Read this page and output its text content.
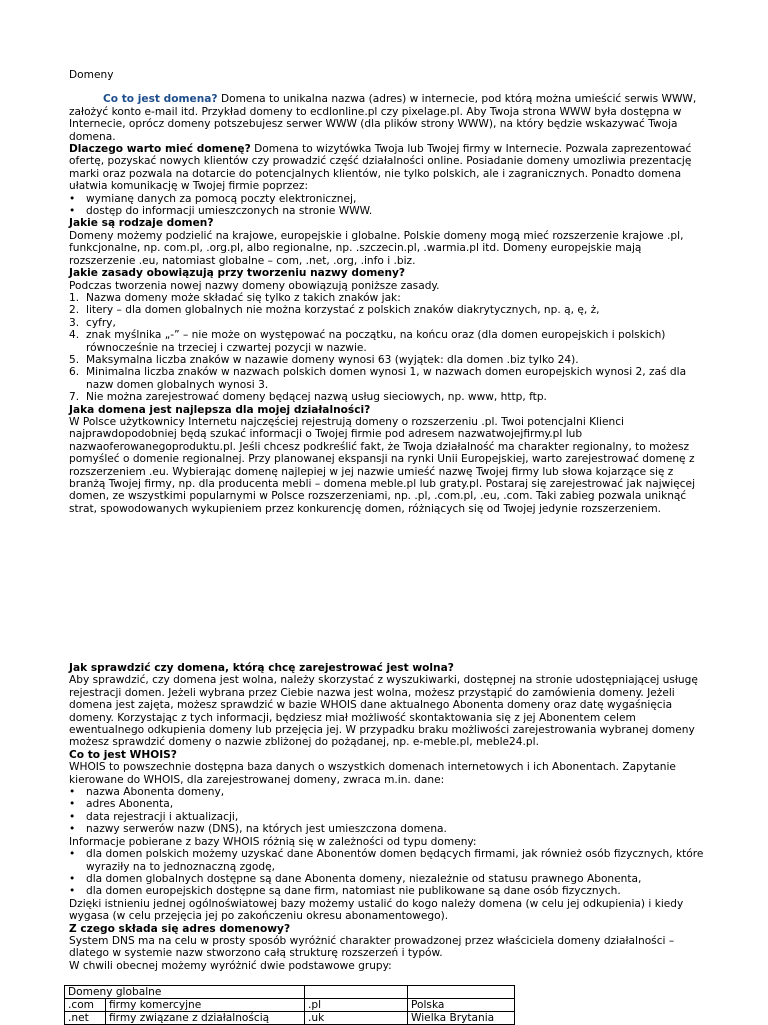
Domeny

Co to jest domena? Domena to unikalna nazwa (adres) w internecie, pod którą można umieścić serwis WWW, założyć konto e-mail itd. Przykład domeny to ecdlonline.pl czy pixelage.pl. Aby Twoja strona WWW była dostępna w Internecie, oprócz domeny potszebujesz serwer WWW (dla plików strony WWW), na który będzie wskazywać Twoja domena.

Dlaczego warto mieć domenę? Domena to wizytówka Twoja lub Twojej firmy w Internecie. Pozwala zaprezentować ofertę, pozyskać nowych klientów czy prowadzić część działalności online. Posiadanie domeny umozliwia prezentację marki oraz pozwala na dotarcie do potencjalnych klientów, nie tylko polskich, ale i zagranicznych. Ponadto domena ułatwia komunikację w Twojej firmie poprzez:

• wymianę danych za pomocą poczty elektronicznej,
• dostęp do informacji umieszczonych na stronie WWW.
Jakie są rodzaje domen?

Domeny możemy podzielić na krajowe, europejskie i globalne. Polskie domeny mogą mieć rozszerzenie krajowe .pl, funkcjonalne, np. com.pl, .org.pl, albo regionalne, np. .szczecin.pl, .warmia.pl itd. Domeny europejskie mają rozszerzenie .eu, natomiast globalne – com, .net, .org, .info i .biz.

Jakie zasady obowiązują przy tworzeniu nazwy domeny?

Podczas tworzenia nowej nazwy domeny obowiązują poniższe zasady.

1. Nazwa domeny może składać się tylko z takich znaków jak:
2. litery – dla domen globalnych nie można korzystać z polskich znaków diakrytycznych, np. ą, ę, ż,
3. cyfry,
4. znak myślnika „-” – nie może on występować na początku, na końcu oraz (dla domen europejskich i polskich) równocześnie na trzeciej i czwartej pozycji w nazwie.
5. Maksymalna liczba znaków w nazawie domeny wynosi 63 (wyjątek: dla domen .biz tylko 24).
6. Minimalna liczba znaków w nazwach polskich domen wynosi 1, w nazwach domen europejskich wynosi 2, zaś dla nazw domen globalnych wynosi 3.
7. Nie można zarejestrować domeny będącej nazwą usług sieciowych, np. www, http, ftp.
Jaka domena jest najlepsza dla mojej działalności?

W Polsce użytkownicy Internetu najczęściej rejestrują domeny o rozszerzeniu .pl. Twoi potencjalni Klienci najprawdopodobniej będą szukać informacji o Twojej firmie pod adresem nazwatwojejfirmy.pl lub nazwaoferowanegoproduktu.pl. Jeśli chcesz podkreślić fakt, że Twoja działalność ma charakter regionalny, to możesz pomyśleć o domenie regionalnej. Przy planowanej ekspansji na rynki Unii Europejskiej, warto zarejestrować domenę z rozszerzeniem .eu. Wybierając domenę najlepiej w jej nazwie umieść nazwę Twojej firmy lub słowa kojarzące się z branżą Twojej firmy, np. dla producenta mebli – domena meble.pl lub graty.pl. Postaraj się zarejestrować jak najwięcej domen, ze wszystkimi popularnymi w Polsce rozszerzeniami, np. .pl, .com.pl, .eu, .com. Taki zabieg pozwala uniknąć strat, spowodowanych wykupieniem przez konkurencję domen, różniących się od Twojej jedynie rozszerzeniem.

Jak sprawdzić czy domena, którą chcę zarejestrować jest wolna?

Aby sprawdzić, czy domena jest wolna, należy skorzystać z wyszukiwarki, dostępnej na stronie udostępniającej usługę rejestracji domen. Jeżeli wybrana przez Ciebie nazwa jest wolna, możesz przystąpić do zamówienia domeny. Jeżeli domena jest zajęta, możesz sprawdzić w bazie WHOIS dane aktualnego Abonenta domeny oraz datę wygaśnięcia domeny. Korzystając z tych informacji, będziesz miał możliwość skontaktowania się z jej Abonentem celem ewentualnego odkupienia domeny lub przejęcia jej. W przypadku braku możliwości zarejestrowania wybranej domeny możesz sprawdzić domeny o nazwie zbliżonej do pożądanej, np. e-meble.pl, meble24.pl.

Co to jest WHOIS?

WHOIS to powszechnie dostępna baza danych o wszystkich domenach internetowych i ich Abonentach. Zapytanie kierowane do WHOIS, dla zarejestrowanej domeny, zwraca m.in. dane:

• nazwa Abonenta domeny,
• adres Abonenta,
• data rejestracji i aktualizacji,
• nazwy serwerów nazw (DNS), na których jest umieszczona domena.

Informacje pobierane z bazy WHOIS różnią się w zależności od typu domeny:

• dla domen polskich możemy uzyskać dane Abonentów domen będących firmami, jak również osób fizycznych, które wyraziły na to jednoznaczną zgodę,
• dla domen globalnych dostępne są dane Abonenta domeny, niezależnie od statusu prawnego Abonenta,
• dla domen europejskich dostępne są dane firm, natomiast nie publikowane są dane osób fizycznych.

Dzięki istnieniu jednej ogólnoświatowej bazy możemy ustalić do kogo należy domena (w celu jej odkupienia) i kiedy wygasa (w celu przejęcia jej po zakończeniu okresu abonamentowego).

Z czego składa się adres domenowy?

System DNS ma na celu w prosty sposób wyróżnić charakter prowadzonej przez właściciela domeny działalności – dlatego w systemie nazw stworzono całą strukturę rozszerzeń i typów.

W chwili obecnej możemy wyróżnić dwie podstawowe grupy:

Domeny globalne			
.com	firmy komercyjne	.pl	Polska
.net	firmy związane z działalnością	.uk	Wielka Brytania
